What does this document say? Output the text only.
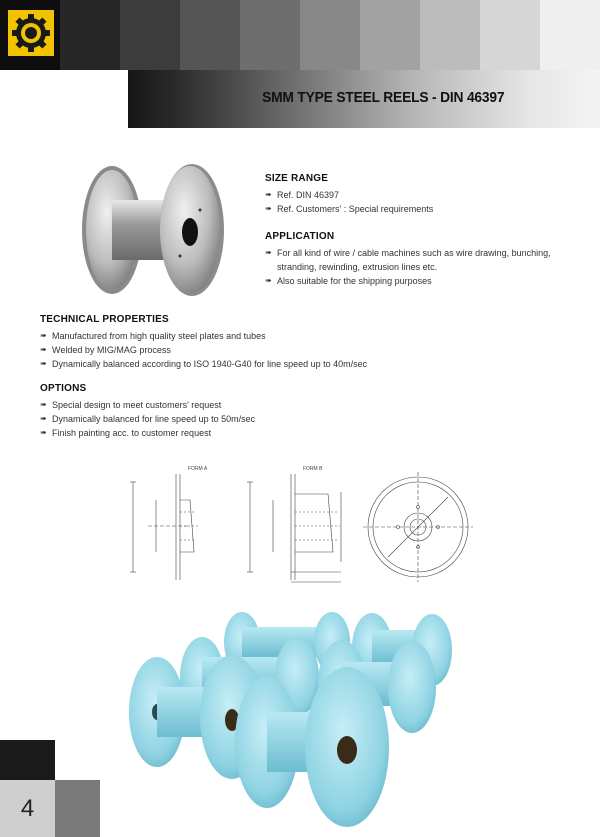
SMM TYPE STEEL REELS - DIN 46397
SIZE RANGE
➠ Ref. DIN 46397
➠ Ref. Customers' : Special requirements
APPLICATION
➠ For all kind of wire / cable machines such as wire drawing, bunching, stranding, rewinding, extrusion lines etc.
➠ Also suitable for the shipping purposes
TECHNICAL PROPERTIES
➠ Manufactured from high quality steel plates and tubes
➠ Welded by MIG/MAG process
➠ Dynamically balanced according to ISO 1940-G40 for line speed up to 40m/sec
OPTIONS
➠ Special design to meet customers' request
➠ Dynamically balanced for line speed up to 50m/sec
➠ Finish painting acc. to customer request
FORM A	FORM B
4
